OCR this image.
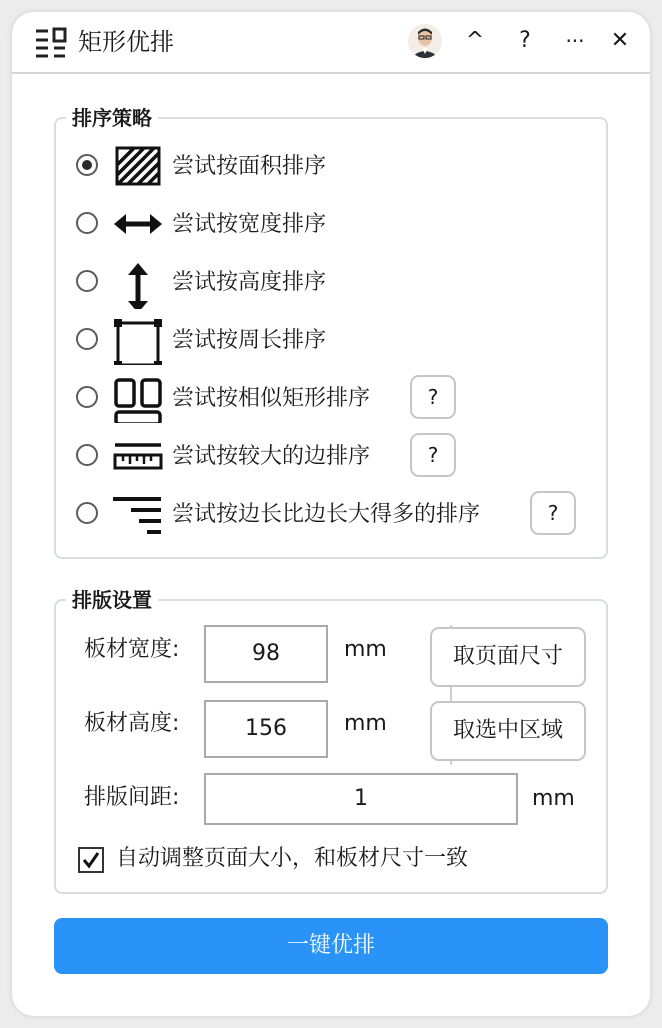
矩形优排	^	?	··· ✕
排序策略
尝试按面积排序
尝试按宽度排序
尝试按高度排序
尝试按周长排序
尝试按相似矩形排序	?
尝试按较大的边排序	?
尝试按边长比边长大得多的排序	?
排版设置
板材宽度:	98	mm
板材高度:	156	mm
取页面尺寸
取选中区域
排版间距:	1	mm
自动调整页面大小，和板材尺寸一致
一键优排
